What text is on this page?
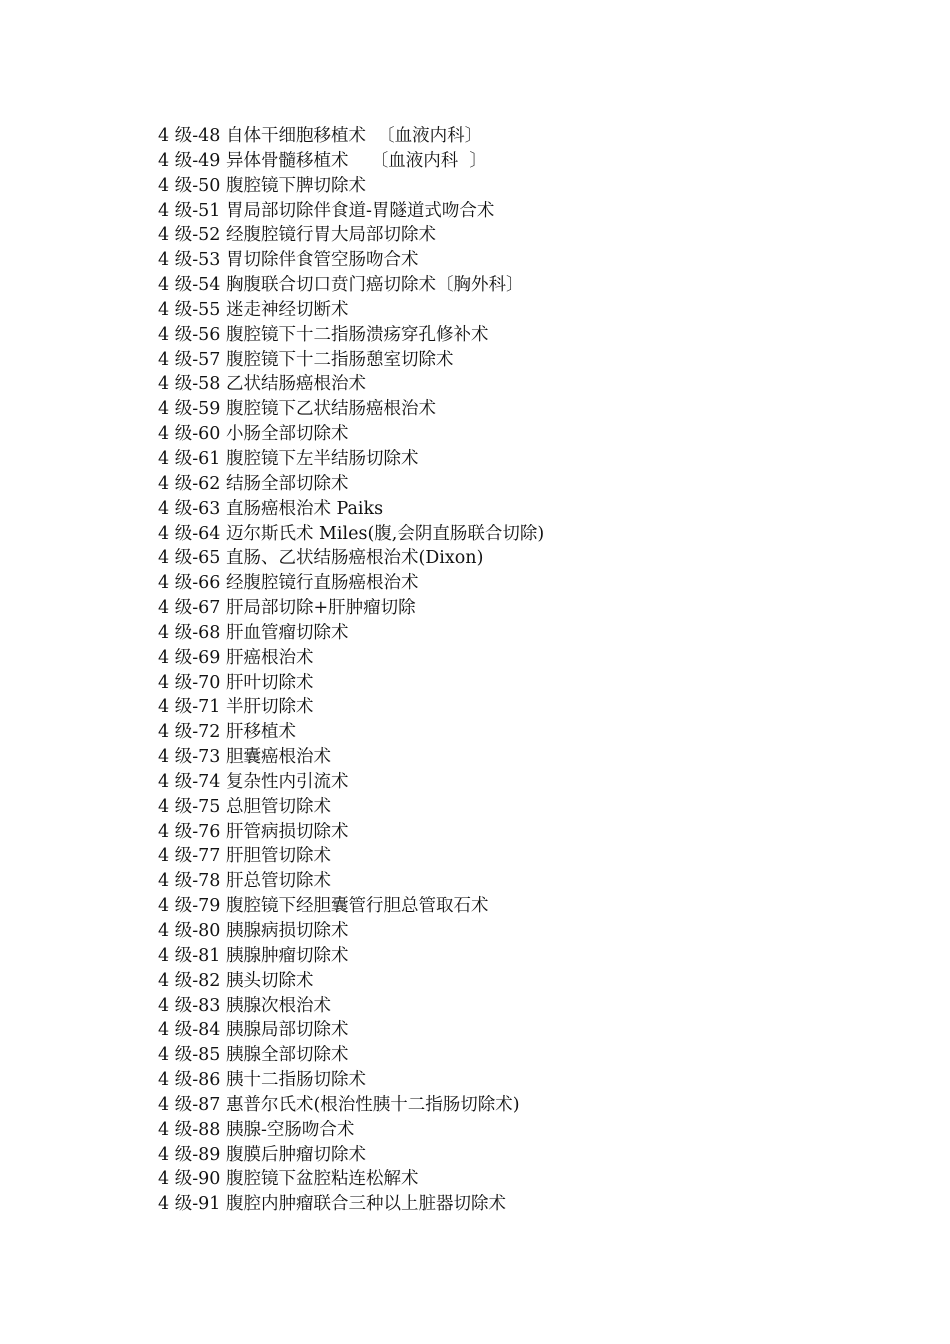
4 级-48 自体干细胞移植术  〔血液内科〕
4 级-49 异体骨髓移植术    〔血液内科  〕
4 级-50 腹腔镜下脾切除术
4 级-51 胃局部切除伴食道-胃隧道式吻合术
4 级-52 经腹腔镜行胃大局部切除术
4 级-53 胃切除伴食管空肠吻合术
4 级-54 胸腹联合切口贲门癌切除术〔胸外科〕
4 级-55 迷走神经切断术
4 级-56 腹腔镜下十二指肠溃疡穿孔修补术
4 级-57 腹腔镜下十二指肠憩室切除术
4 级-58 乙状结肠癌根治术
4 级-59 腹腔镜下乙状结肠癌根治术
4 级-60 小肠全部切除术
4 级-61 腹腔镜下左半结肠切除术
4 级-62 结肠全部切除术
4 级-63 直肠癌根治术 Paiks
4 级-64 迈尔斯氏术 Miles(腹,会阴直肠联合切除)
4 级-65 直肠、乙状结肠癌根治术(Dixon)
4 级-66 经腹腔镜行直肠癌根治术
4 级-67 肝局部切除+肝肿瘤切除
4 级-68 肝血管瘤切除术
4 级-69 肝癌根治术
4 级-70 肝叶切除术
4 级-71 半肝切除术
4 级-72 肝移植术
4 级-73 胆囊癌根治术
4 级-74 复杂性内引流术
4 级-75 总胆管切除术
4 级-76 肝管病损切除术
4 级-77 肝胆管切除术
4 级-78 肝总管切除术
4 级-79 腹腔镜下经胆囊管行胆总管取石术
4 级-80 胰腺病损切除术
4 级-81 胰腺肿瘤切除术
4 级-82 胰头切除术
4 级-83 胰腺次根治术
4 级-84 胰腺局部切除术
4 级-85 胰腺全部切除术
4 级-86 胰十二指肠切除术
4 级-87 惠普尔氏术(根治性胰十二指肠切除术)
4 级-88 胰腺-空肠吻合术
4 级-89 腹膜后肿瘤切除术
4 级-90 腹腔镜下盆腔粘连松解术
4 级-91 腹腔内肿瘤联合三种以上脏器切除术
